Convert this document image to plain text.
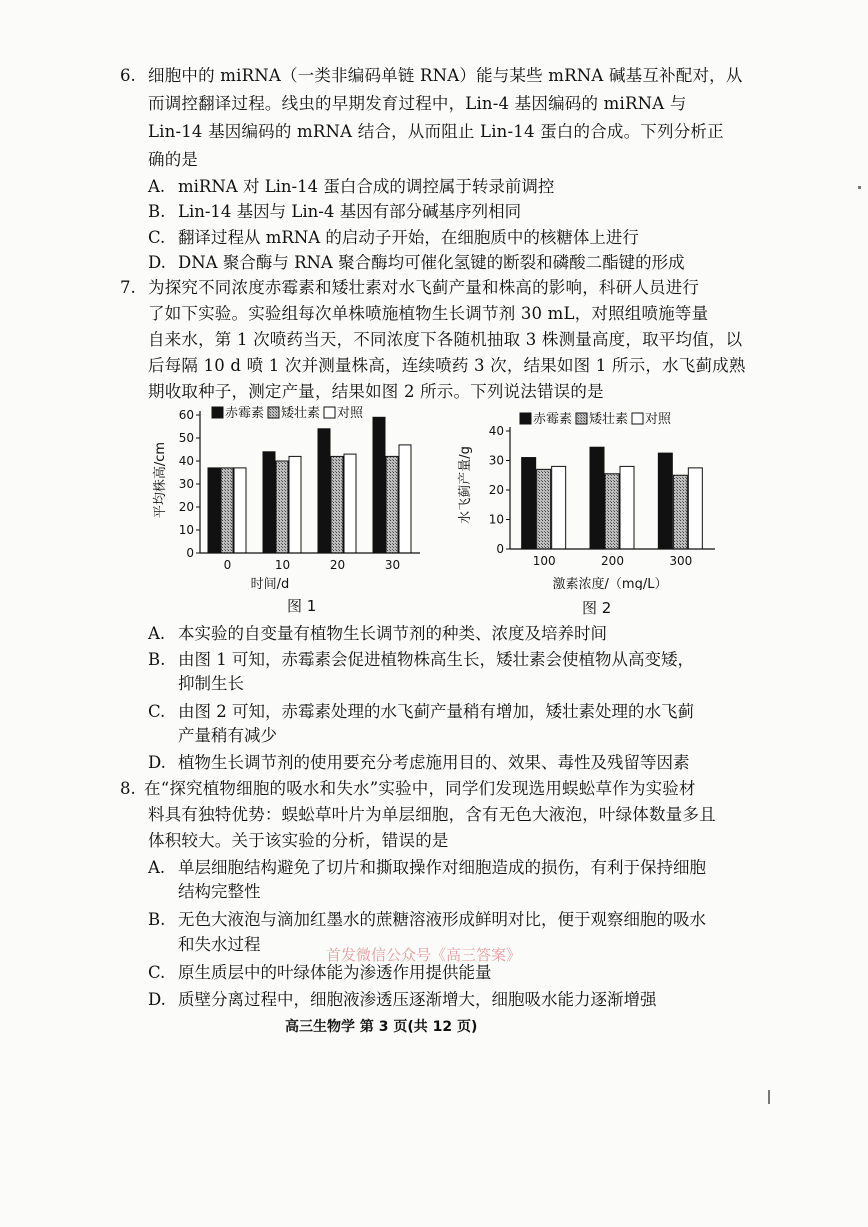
6. 细胞中的 miRNA（一类非编码单链 RNA）能与某些 mRNA 碱基互补配对，从
而调控翻译过程。线虫的早期发育过程中，Lin-4 基因编码的 miRNA 与
Lin-14 基因编码的 mRNA 结合，从而阻止 Lin-14 蛋白的合成。下列分析正
确的是
A. miRNA 对 Lin-14 蛋白合成的调控属于转录前调控
B. Lin-14 基因与 Lin-4 基因有部分碱基序列相同
C. 翻译过程从 mRNA 的启动子开始，在细胞质中的核糖体上进行
D. DNA 聚合酶与 RNA 聚合酶均可催化氢键的断裂和磷酸二酯键的形成
7. 为探究不同浓度赤霉素和矮壮素对水飞蓟产量和株高的影响，科研人员进行
了如下实验。实验组每次单株喷施植物生长调节剂 30 mL，对照组喷施等量
自来水，第 1 次喷药当天，不同浓度下各随机抽取 3 株测量高度，取平均值，以
后每隔 10 d 喷 1 次并测量株高，连续喷药 3 次，结果如图 1 所示，水飞蓟成熟
期收取种子，测定产量，结果如图 2 所示。下列说法错误的是
0
10
20
30
40
50
60
0	10	20	30
时间/d
平均株高/cm
赤霉素 矮壮素 对照
图 1
0
10
20
30
40
100	200	300
激素浓度/（mg/L）
水飞蓟产量/g
赤霉素 矮壮素 对照
图 2
A. 本实验的自变量有植物生长调节剂的种类、浓度及培养时间
B. 由图 1 可知，赤霉素会促进植物株高生长，矮壮素会使植物从高变矮，
抑制生长
C. 由图 2 可知，赤霉素处理的水飞蓟产量稍有增加，矮壮素处理的水飞蓟
产量稍有减少
D. 植物生长调节剂的使用要充分考虑施用目的、效果、毒性及残留等因素
8. 在“探究植物细胞的吸水和失水”实验中，同学们发现选用蜈蚣草作为实验材
料具有独特优势：蜈蚣草叶片为单层细胞，含有无色大液泡，叶绿体数量多且
体积较大。关于该实验的分析，错误的是
A. 单层细胞结构避免了切片和撕取操作对细胞造成的损伤，有利于保持细胞
结构完整性
B. 无色大液泡与滴加红墨水的蔗糖溶液形成鲜明对比，便于观察细胞的吸水
和失水过程
C. 原生质层中的叶绿体能为渗透作用提供能量
D. 质壁分离过程中，细胞液渗透压逐渐增大，细胞吸水能力逐渐增强
首发微信公众号《高三答案》
高三生物学 第 3 页(共 12 页)
